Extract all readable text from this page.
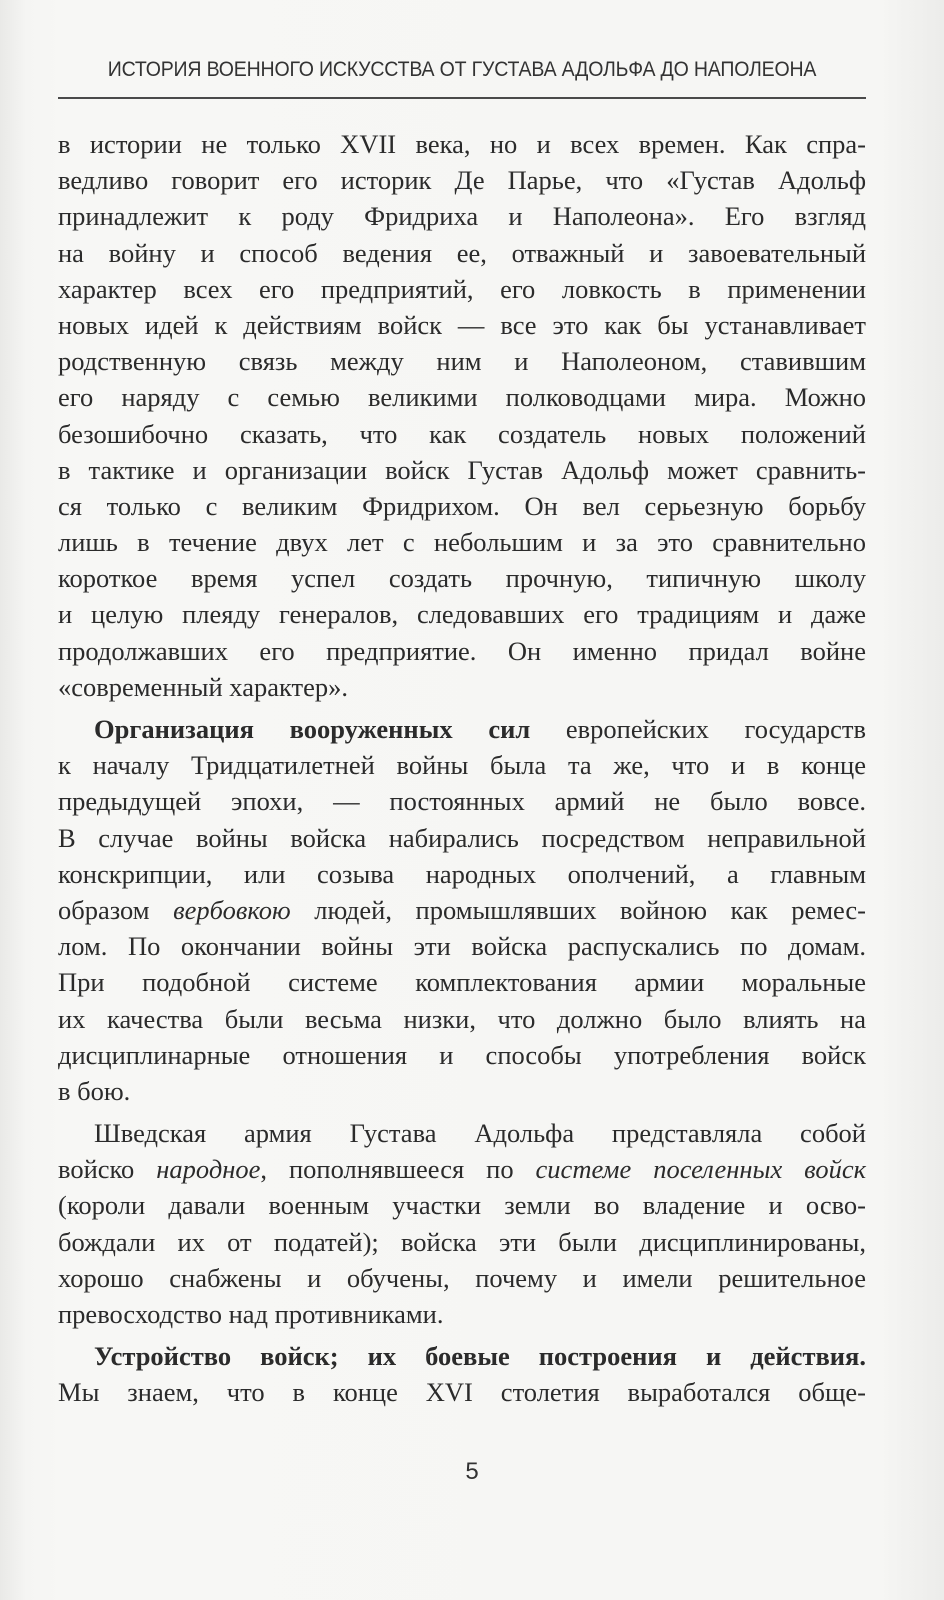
ИСТОРИЯ ВОЕННОГО ИСКУССТВА ОТ ГУСТАВА АДОЛЬФА ДО НАПОЛЕОНА
в истории не только XVII века, но и всех времен. Как спра-
ведливо говорит его историк Де Парье, что «Густав Адольф
принадлежит к роду Фридриха и Наполеона». Его взгляд
на войну и способ ведения ее, отважный и завоевательный
характер всех его предприятий, его ловкость в применении
новых идей к действиям войск — все это как бы устанавливает
родственную связь между ним и Наполеоном, ставившим
его наряду с семью великими полководцами мира. Можно
безошибочно сказать, что как создатель новых положений
в тактике и организации войск Густав Адольф может сравнить-
ся только с великим Фридрихом. Он вел серьезную борьбу
лишь в течение двух лет с небольшим и за это сравнительно
короткое время успел создать прочную, типичную школу
и целую плеяду генералов, следовавших его традициям и даже
продолжавших его предприятие. Он именно придал войне
«современный характер».
Организация вооруженных сил европейских государств
к началу Тридцатилетней войны была та же, что и в конце
предыдущей эпохи, — постоянных армий не было вовсе.
В случае войны войска набирались посредством неправильной
конскрипции, или созыва народных ополчений, а главным
образом вербовкою людей, промышлявших войною как ремес-
лом. По окончании войны эти войска распускались по домам.
При подобной системе комплектования армии моральные
их качества были весьма низки, что должно было влиять на
дисциплинарные отношения и способы употребления войск
в бою.
Шведская армия Густава Адольфа представляла собой
войско народное, пополнявшееся по системе поселенных войск
(короли давали военным участки земли во владение и осво-
бождали их от податей); войска эти были дисциплинированы,
хорошо снабжены и обучены, почему и имели решительное
превосходство над противниками.
Устройство войск; их боевые построения и действия.
Мы знаем, что в конце XVI столетия выработался обще-
5
